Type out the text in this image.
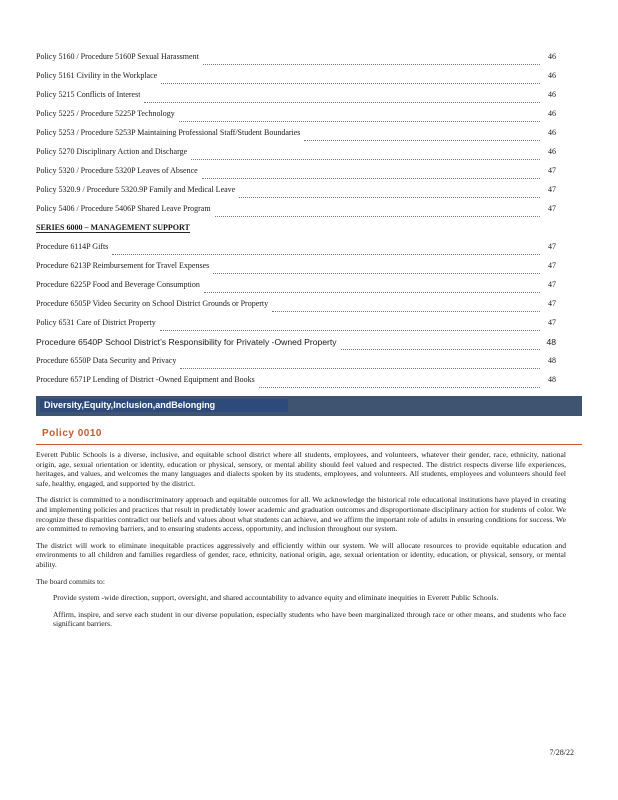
Policy 5160 / Procedure 5160P Sexual Harassment	46
Policy 5161 Civility in the Workplace	46
Policy 5215 Conflicts of Interest	46
Policy 5225 / Procedure 5225P Technology	46
Policy 5253 / Procedure 5253P Maintaining Professional Staff/Student Boundaries	46
Policy 5270 Disciplinary Action and Discharge	46
Policy 5320 / Procedure 5320P Leaves of Absence	47
Policy 5320.9 / Procedure 5320.9P Family and Medical Leave	47
Policy 5406 / Procedure 5406P Shared Leave Program	47
SERIES 6000 – MANAGEMENT SUPPORT
Procedure 6114P Gifts	47
Procedure 6213P Reimbursement for Travel Expenses	47
Procedure 6225P Food and Beverage Consumption	47
Procedure 6505P Video Security on School District Grounds or Property	47
Policy 6531 Care of District Property	47
Procedure 6540P School District’s Responsibility for Privately -Owned Property	48
Procedure 6550P Data Security and Privacy	48
Procedure 6571P Lending of District -Owned Equipment and Books	48
Diversity,Equity,Inclusion,andBelonging
Policy 0010

Everett Public Schools is a diverse, inclusive, and equitable school district where all students, employees, and volunteers, whatever their gender, race, ethnicity, national origin, age, sexual orientation or identity, education or physical, sensory, or mental ability should feel valued and respected. The district respects diverse life experiences, heritages, and values, and welcomes the many languages and dialects spoken by its students, employees, and volunteers. All students, employees and volunteers should feel safe, healthy, engaged, and supported by the district.

The district is committed to a nondiscriminatory approach and equitable outcomes for all. We acknowledge the historical role educational institutions have played in creating and implementing policies and practices that result in predictably lower academic and graduation outcomes and disproportionate disciplinary action for students of color. We recognize these disparities contradict our beliefs and values about what students can achieve, and we affirm the important role of adults in ensuring conditions for success. We are committed to removing barriers, and to ensuring students access, opportunity, and inclusion throughout our system.

The district will work to eliminate inequitable practices aggressively and efficiently within our system. We will allocate resources to provide equitable education and environments to all children and families regardless of gender, race, ethnicity, national origin, age, sexual orientation or identity, education, or physical, sensory, or mental ability.

The board commits to:

Provide system -wide direction, support, oversight, and shared accountability to advance equity and eliminate inequities in Everett Public Schools.
Affirm, inspire, and serve each student in our diverse population, especially students who have been marginalized through race or other means, and students who face significant barriers.
7/28/22
